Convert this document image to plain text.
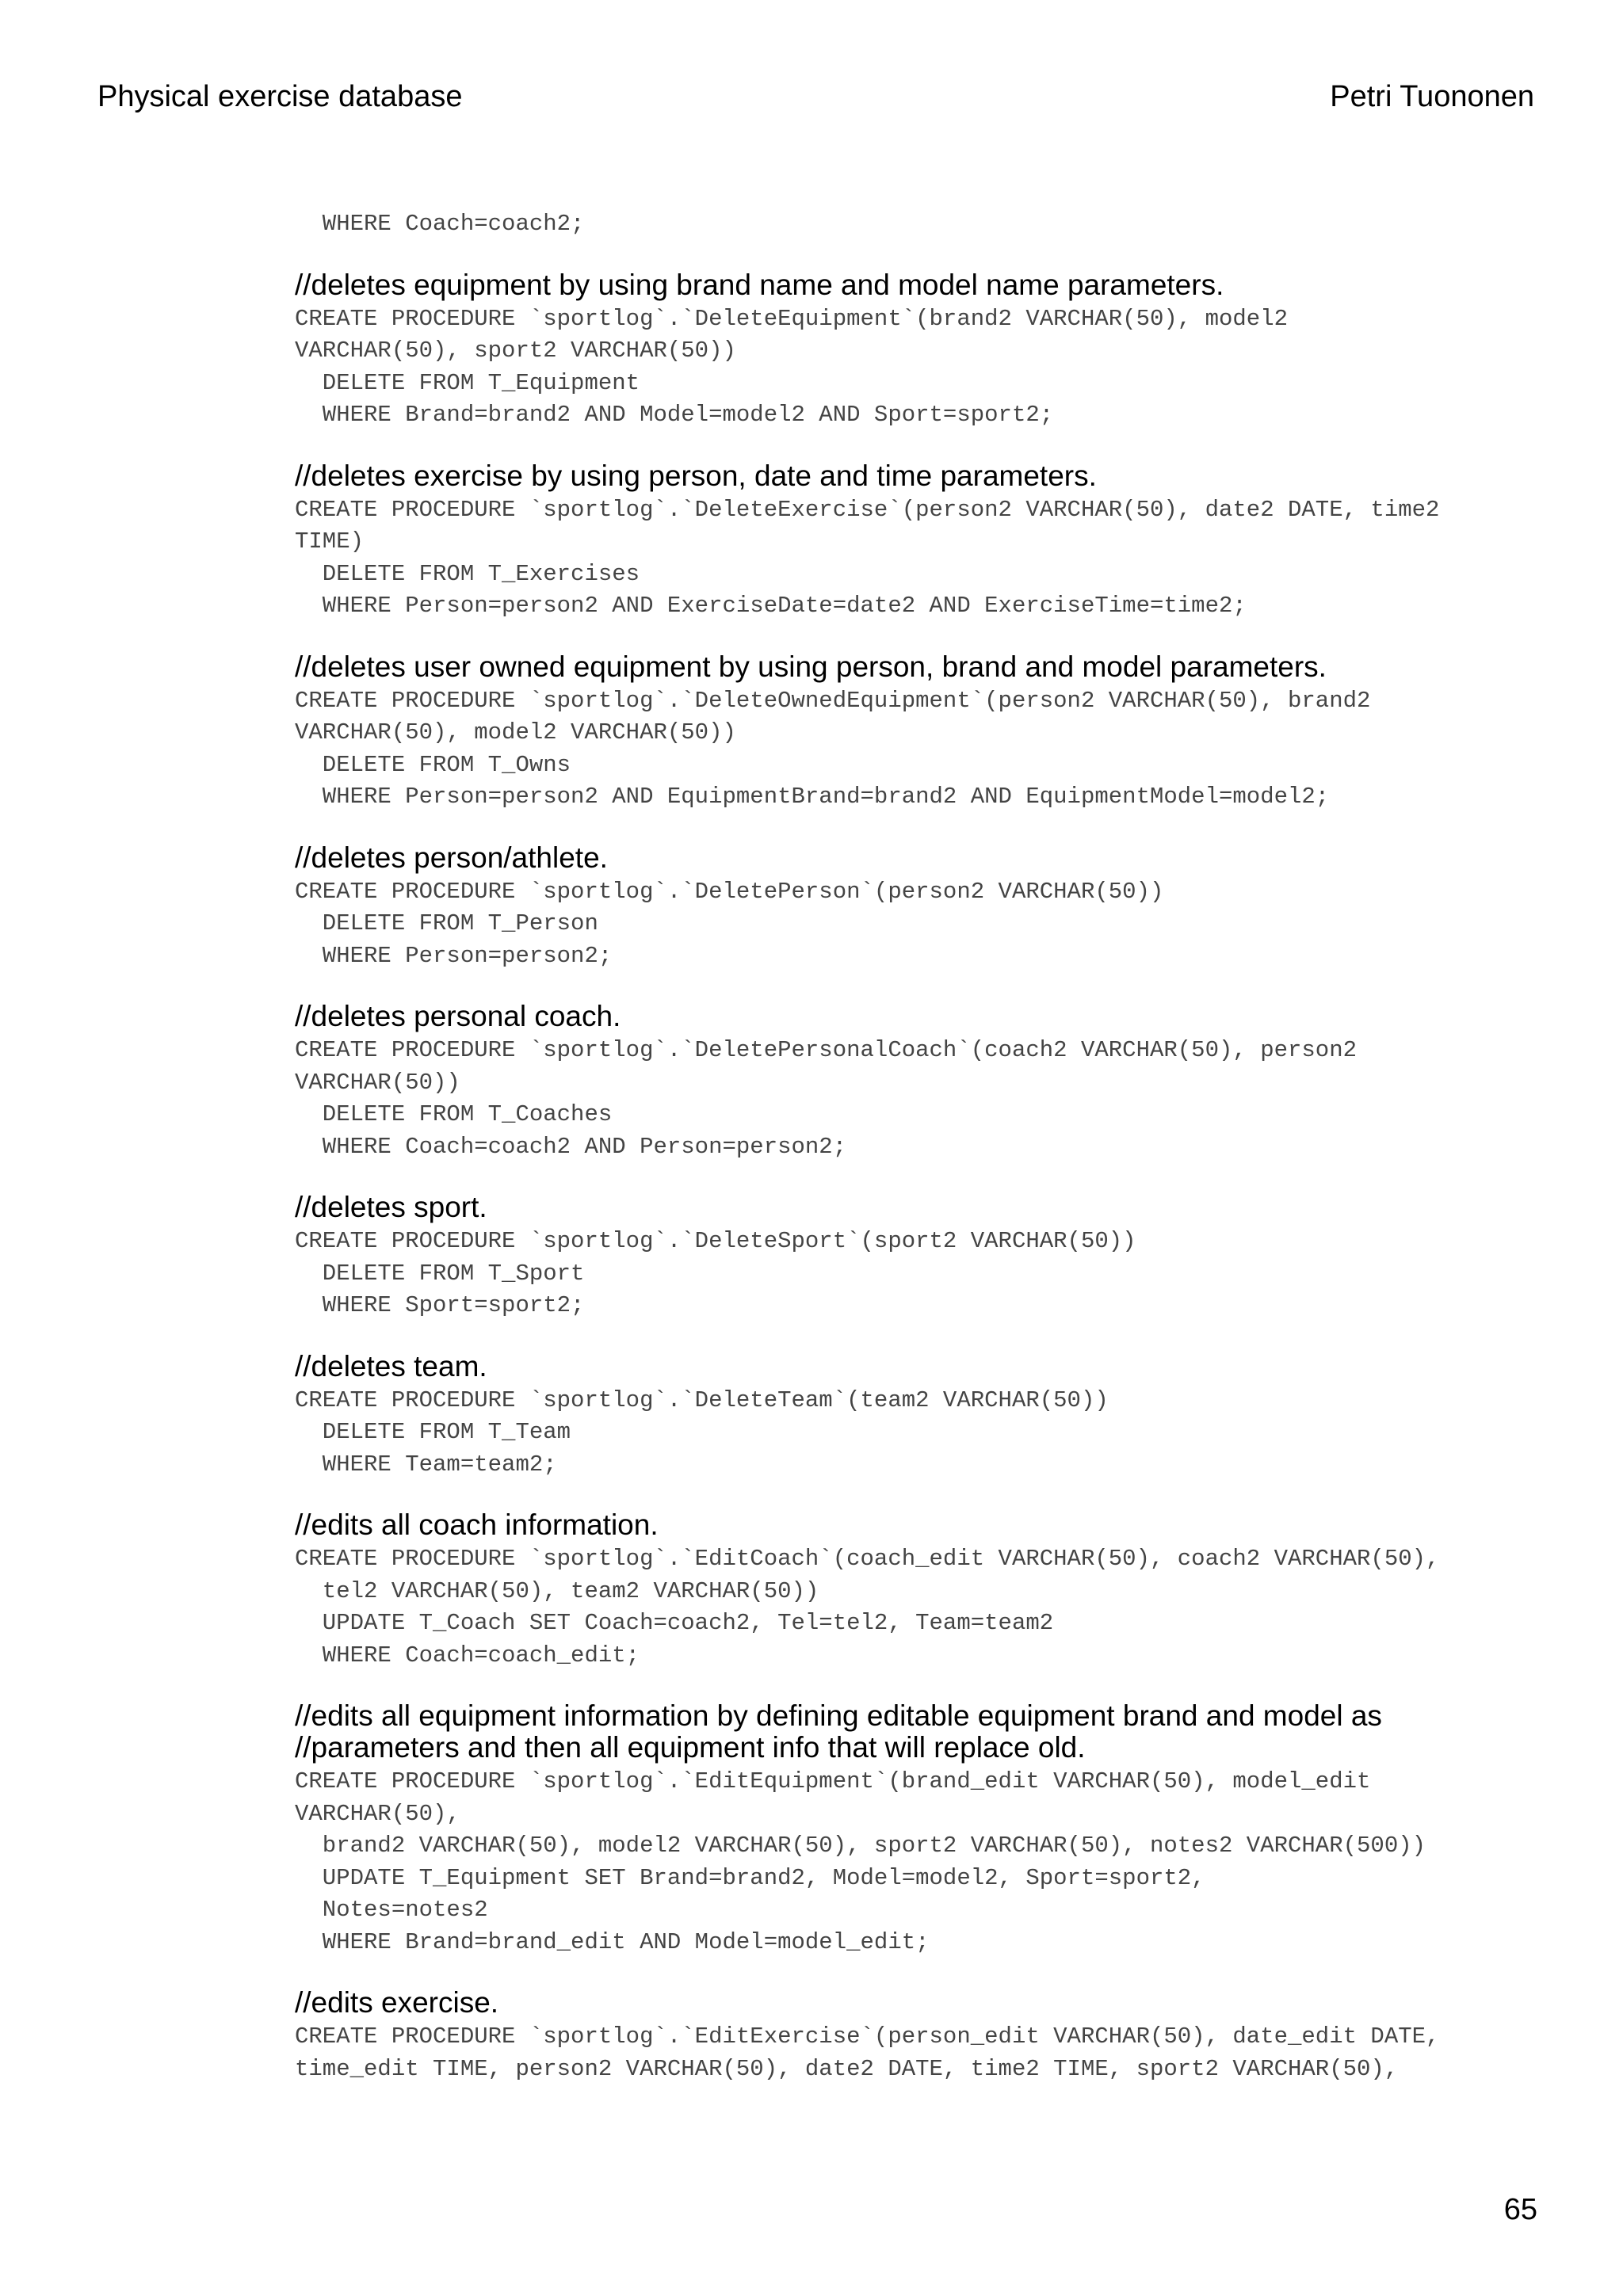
Physical exercise database	Petri Tuononen
WHERE Coach=coach2;
//deletes equipment by using brand name and model name parameters.
CREATE PROCEDURE `sportlog`.`DeleteEquipment`(brand2 VARCHAR(50), model2
VARCHAR(50), sport2 VARCHAR(50))
DELETE FROM T_Equipment
WHERE Brand=brand2 AND Model=model2 AND Sport=sport2;
//deletes exercise by using person, date and time parameters.
CREATE PROCEDURE `sportlog`.`DeleteExercise`(person2 VARCHAR(50), date2 DATE, time2
TIME)
DELETE FROM T_Exercises
WHERE Person=person2 AND ExerciseDate=date2 AND ExerciseTime=time2;
//deletes user owned equipment by using person, brand and model parameters.
CREATE PROCEDURE `sportlog`.`DeleteOwnedEquipment`(person2 VARCHAR(50), brand2
VARCHAR(50), model2 VARCHAR(50))
DELETE FROM T_Owns
WHERE Person=person2 AND EquipmentBrand=brand2 AND EquipmentModel=model2;
//deletes person/athlete.
CREATE PROCEDURE `sportlog`.`DeletePerson`(person2 VARCHAR(50))
DELETE FROM T_Person
WHERE Person=person2;
//deletes personal coach.
CREATE PROCEDURE `sportlog`.`DeletePersonalCoach`(coach2 VARCHAR(50), person2
VARCHAR(50))
DELETE FROM T_Coaches
WHERE Coach=coach2 AND Person=person2;
//deletes sport.
CREATE PROCEDURE `sportlog`.`DeleteSport`(sport2 VARCHAR(50))
DELETE FROM T_Sport
WHERE Sport=sport2;
//deletes team.
CREATE PROCEDURE `sportlog`.`DeleteTeam`(team2 VARCHAR(50))
DELETE FROM T_Team
WHERE Team=team2;
//edits all coach information.
CREATE PROCEDURE `sportlog`.`EditCoach`(coach_edit VARCHAR(50), coach2 VARCHAR(50),
tel2 VARCHAR(50), team2 VARCHAR(50))
UPDATE T_Coach SET Coach=coach2, Tel=tel2, Team=team2
WHERE Coach=coach_edit;
//edits all equipment information by defining editable equipment brand and model as
//parameters and then all equipment info that will replace old.
CREATE PROCEDURE `sportlog`.`EditEquipment`(brand_edit VARCHAR(50), model_edit
VARCHAR(50),
brand2 VARCHAR(50), model2 VARCHAR(50), sport2 VARCHAR(50), notes2 VARCHAR(500))
UPDATE T_Equipment SET Brand=brand2, Model=model2, Sport=sport2,
Notes=notes2
WHERE Brand=brand_edit AND Model=model_edit;
//edits exercise.
CREATE PROCEDURE `sportlog`.`EditExercise`(person_edit VARCHAR(50), date_edit DATE,
time_edit TIME, person2 VARCHAR(50), date2 DATE, time2 TIME, sport2 VARCHAR(50),
65
